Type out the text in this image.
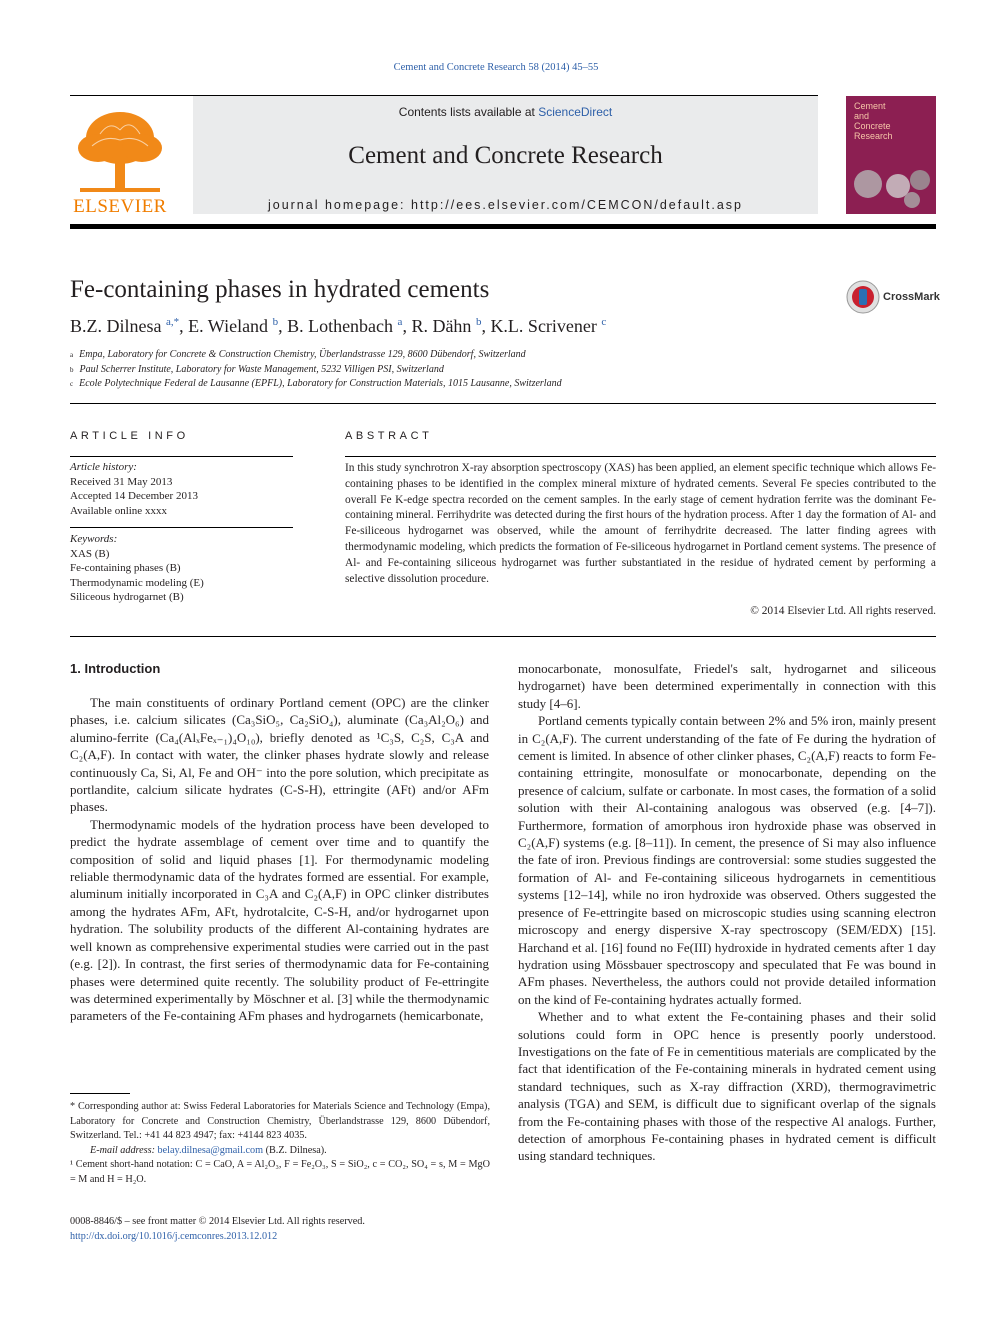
Cement and Concrete Research 58 (2014) 45–55
ELSEVIER
Contents lists available at ScienceDirect
Cement and Concrete Research
journal homepage: http://ees.elsevier.com/CEMCON/default.asp
Cement
and
Concrete
Research
Fe-containing phases in hydrated cements	CrossMark
B.Z. Dilnesa $^{a,*}$, E. Wieland $^b$, B. Lothenbach $^a$, R. Dähn $^b$, K.L. Scrivener $^c$
$^a$ Empa, Laboratory for Concrete & Construction Chemistry, Überlandstrasse 129, 8600 Dübendorf, Switzerland
$^b$ Paul Scherrer Institute, Laboratory for Waste Management, 5232 Villigen PSI, Switzerland
$^c$ Ecole Polytechnique Federal de Lausanne (EPFL), Laboratory for Construction Materials, 1015 Lausanne, Switzerland
ARTICLE INFO
Article history:
Received 31 May 2013
Accepted 14 December 2013
Available online xxxx
Keywords:
XAS (B)
Fe-containing phases (B)
Thermodynamic modeling (E)
Siliceous hydrogarnet (B)
ABSTRACT
In this study synchrotron X-ray absorption spectroscopy (XAS) has been applied, an element specific technique which allows Fe-containing phases to be identified in the complex mineral mixture of hydrated cements. Several Fe species contributed to the overall Fe K-edge spectra recorded on the cement samples. In the early stage of cement hydration ferrite was the dominant Fe-containing mineral. Ferrihydrite was detected during the first hours of the hydration process. After 1 day the formation of Al- and Fe-siliceous hydrogarnet was observed, while the amount of ferrihydrite decreased. The latter finding agrees with thermodynamic modeling, which predicts the formation of Fe-siliceous hydrogarnet in Portland cement systems. The presence of Al- and Fe-containing siliceous hydrogarnet was further substantiated in the residue of hydrated cement by performing a selective dissolution procedure.
© 2014 Elsevier Ltd. All rights reserved.
1. Introduction

The main constituents of ordinary Portland cement (OPC) are the clinker phases, i.e. calcium silicates (Ca₃SiO₅, Ca₂SiO₄), aluminate (Ca₃Al₂O₆) and alumino-ferrite (Ca₄(AlₓFeₓ₋₁)₄O₁₀), briefly denoted as ¹C₃S, C₂S, C₃A and C₂(A,F). In contact with water, the clinker phases hydrate slowly and release continuously Ca, Si, Al, Fe and OH⁻ into the pore solution, which precipitate as portlandite, calcium silicate hydrates (C-S-H), ettringite (AFt) and/or AFm phases.

Thermodynamic models of the hydration process have been developed to predict the hydrate assemblage of cement over time and to quantify the composition of solid and liquid phases [1]. For thermodynamic modeling reliable thermodynamic data of the hydrates formed are essential. For example, aluminum initially incorporated in C₃A and C₂(A,F) in OPC clinker distributes among the hydrates AFm, AFt, hydrotalcite, C-S-H, and/or hydrogarnet upon hydration. The solubility products of the different Al-containing hydrates are well known as comprehensive experimental studies were carried out in the past (e.g. [2]). In contrast, the first series of thermodynamic data for Fe-containing phases were determined quite recently. The solubility product of Fe-ettringite was determined experimentally by Möschner et al. [3] while the thermodynamic parameters of the Fe-containing AFm phases and hydrogarnets (hemicarbonate,

monocarbonate, monosulfate, Friedel's salt, hydrogarnet and siliceous hydrogarnet) have been determined experimentally in connection with this study [4–6].

Portland cements typically contain between 2% and 5% iron, mainly present in C₂(A,F). The current understanding of the fate of Fe during the hydration of cement is limited. In absence of other clinker phases, C₂(A,F) reacts to form Fe-containing ettringite, monosulfate or monocarbonate, depending on the presence of calcium, sulfate or carbonate. In most cases, the formation of a solid solution with their Al-containing analogous was observed (e.g. [4–7]). Furthermore, formation of amorphous iron hydroxide phase was observed in C₂(A,F) systems (e.g. [8–11]). In cement, the presence of Si may also influence the fate of iron. Previous findings are controversial: some studies suggested the formation of Al- and Fe-containing siliceous hydrogarnets in cementitious systems [12–14], while no iron hydroxide was observed. Others suggested the presence of Fe-ettringite based on microscopic studies using scanning electron microscopy and energy dispersive X-ray spectroscopy (SEM/EDX) [15]. Harchand et al. [16] found no Fe(III) hydroxide in hydrated cements after 1 day hydration using Mössbauer spectroscopy and speculated that Fe was bound in AFm phases. Nevertheless, the authors could not provide detailed information on the kind of Fe-containing hydrates actually formed.

Whether and to what extent the Fe-containing phases and their solid solutions could form in OPC hence is presently poorly understood. Investigations on the fate of Fe in cementitious materials are complicated by the fact that identification of the Fe-containing minerals in hydrated cement using standard techniques, such as X-ray diffraction (XRD), thermogravimetric analysis (TGA) and SEM, is difficult due to significant overlap of the signals from the Fe-containing phases with those of the respective Al analogs. Further, detection of amorphous Fe-containing phases in hydrated cement is difficult using standard techniques.

* Corresponding author at: Swiss Federal Laboratories for Materials Science and Technology (Empa), Laboratory for Concrete and Construction Chemistry, Überlandstrasse 129, 8600 Dübendorf, Switzerland. Tel.: +41 44 823 4947; fax: +4144 823 4035.
E-mail address: belay.dilnesa@gmail.com (B.Z. Dilnesa).
¹ Cement short-hand notation: C = CaO, A = Al₂O₃, F = Fe₂O₃, S = SiO₂, c = CO₂, SO₄ = s, M = MgO = M and H = H₂O.
0008-8846/$ – see front matter © 2014 Elsevier Ltd. All rights reserved.
http://dx.doi.org/10.1016/j.cemconres.2013.12.012
